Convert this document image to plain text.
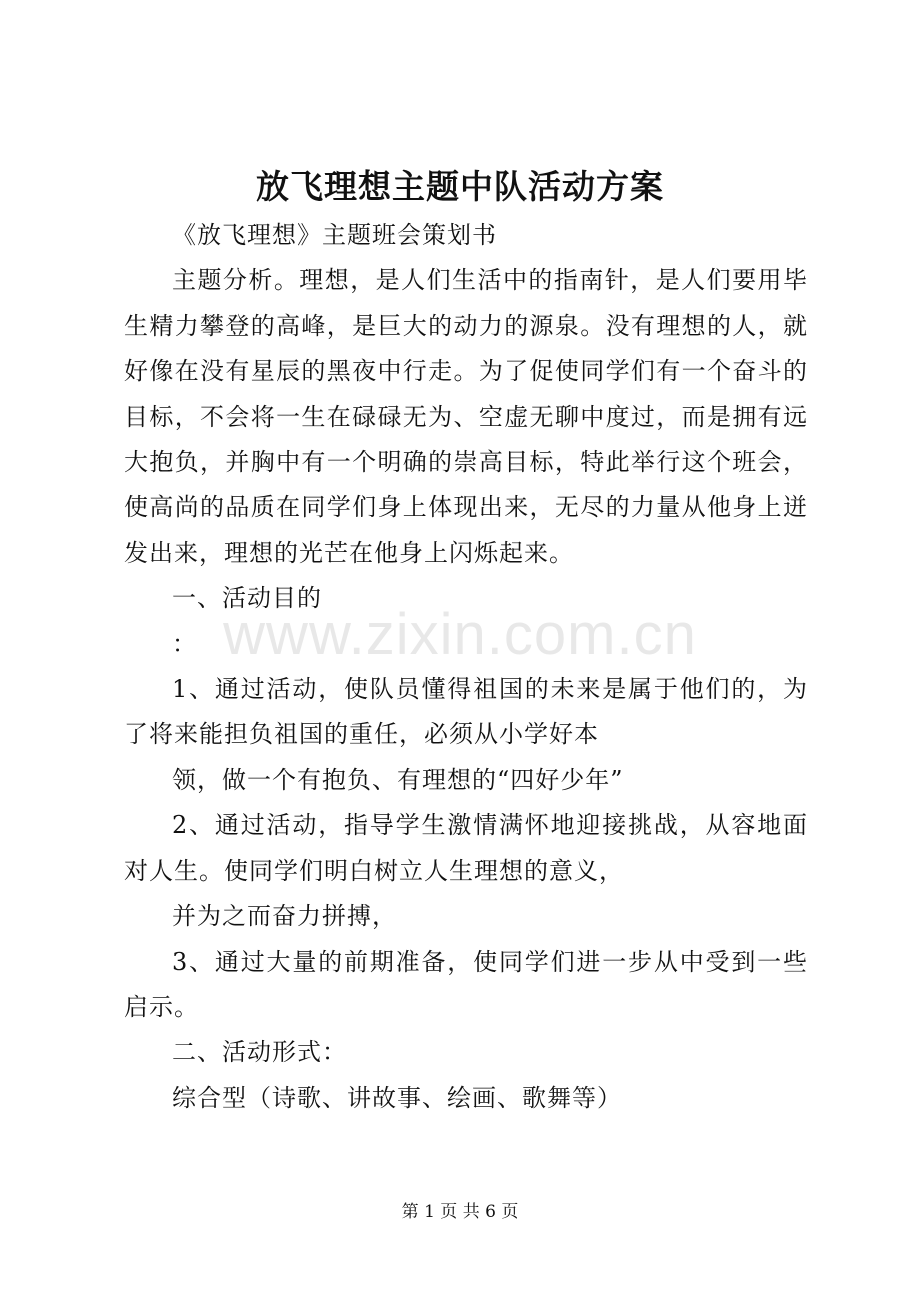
放飞理想主题中队活动方案

《放飞理想》主题班会策划书

主题分析。理想，是人们生活中的指南针，是人们要用毕生精力攀登的高峰，是巨大的动力的源泉。没有理想的人，就好像在没有星辰的黑夜中行走。为了促使同学们有一个奋斗的目标，不会将一生在碌碌无为、空虚无聊中度过，而是拥有远大抱负，并胸中有一个明确的崇高目标，特此举行这个班会，使高尚的品质在同学们身上体现出来，无尽的力量从他身上迸发出来，理想的光芒在他身上闪烁起来。

一、活动目的

：

1、通过活动，使队员懂得祖国的未来是属于他们的，为了将来能担负祖国的重任，必须从小学好本

领，做一个有抱负、有理想的“四好少年”

2、通过活动，指导学生激情满怀地迎接挑战，从容地面对人生。使同学们明白树立人生理想的意义，

并为之而奋力拼搏，

3、通过大量的前期准备，使同学们进一步从中受到一些启示。

二、活动形式：

综合型（诗歌、讲故事、绘画、歌舞等）

www.zixin.com.cn
第 1 页 共 6 页
